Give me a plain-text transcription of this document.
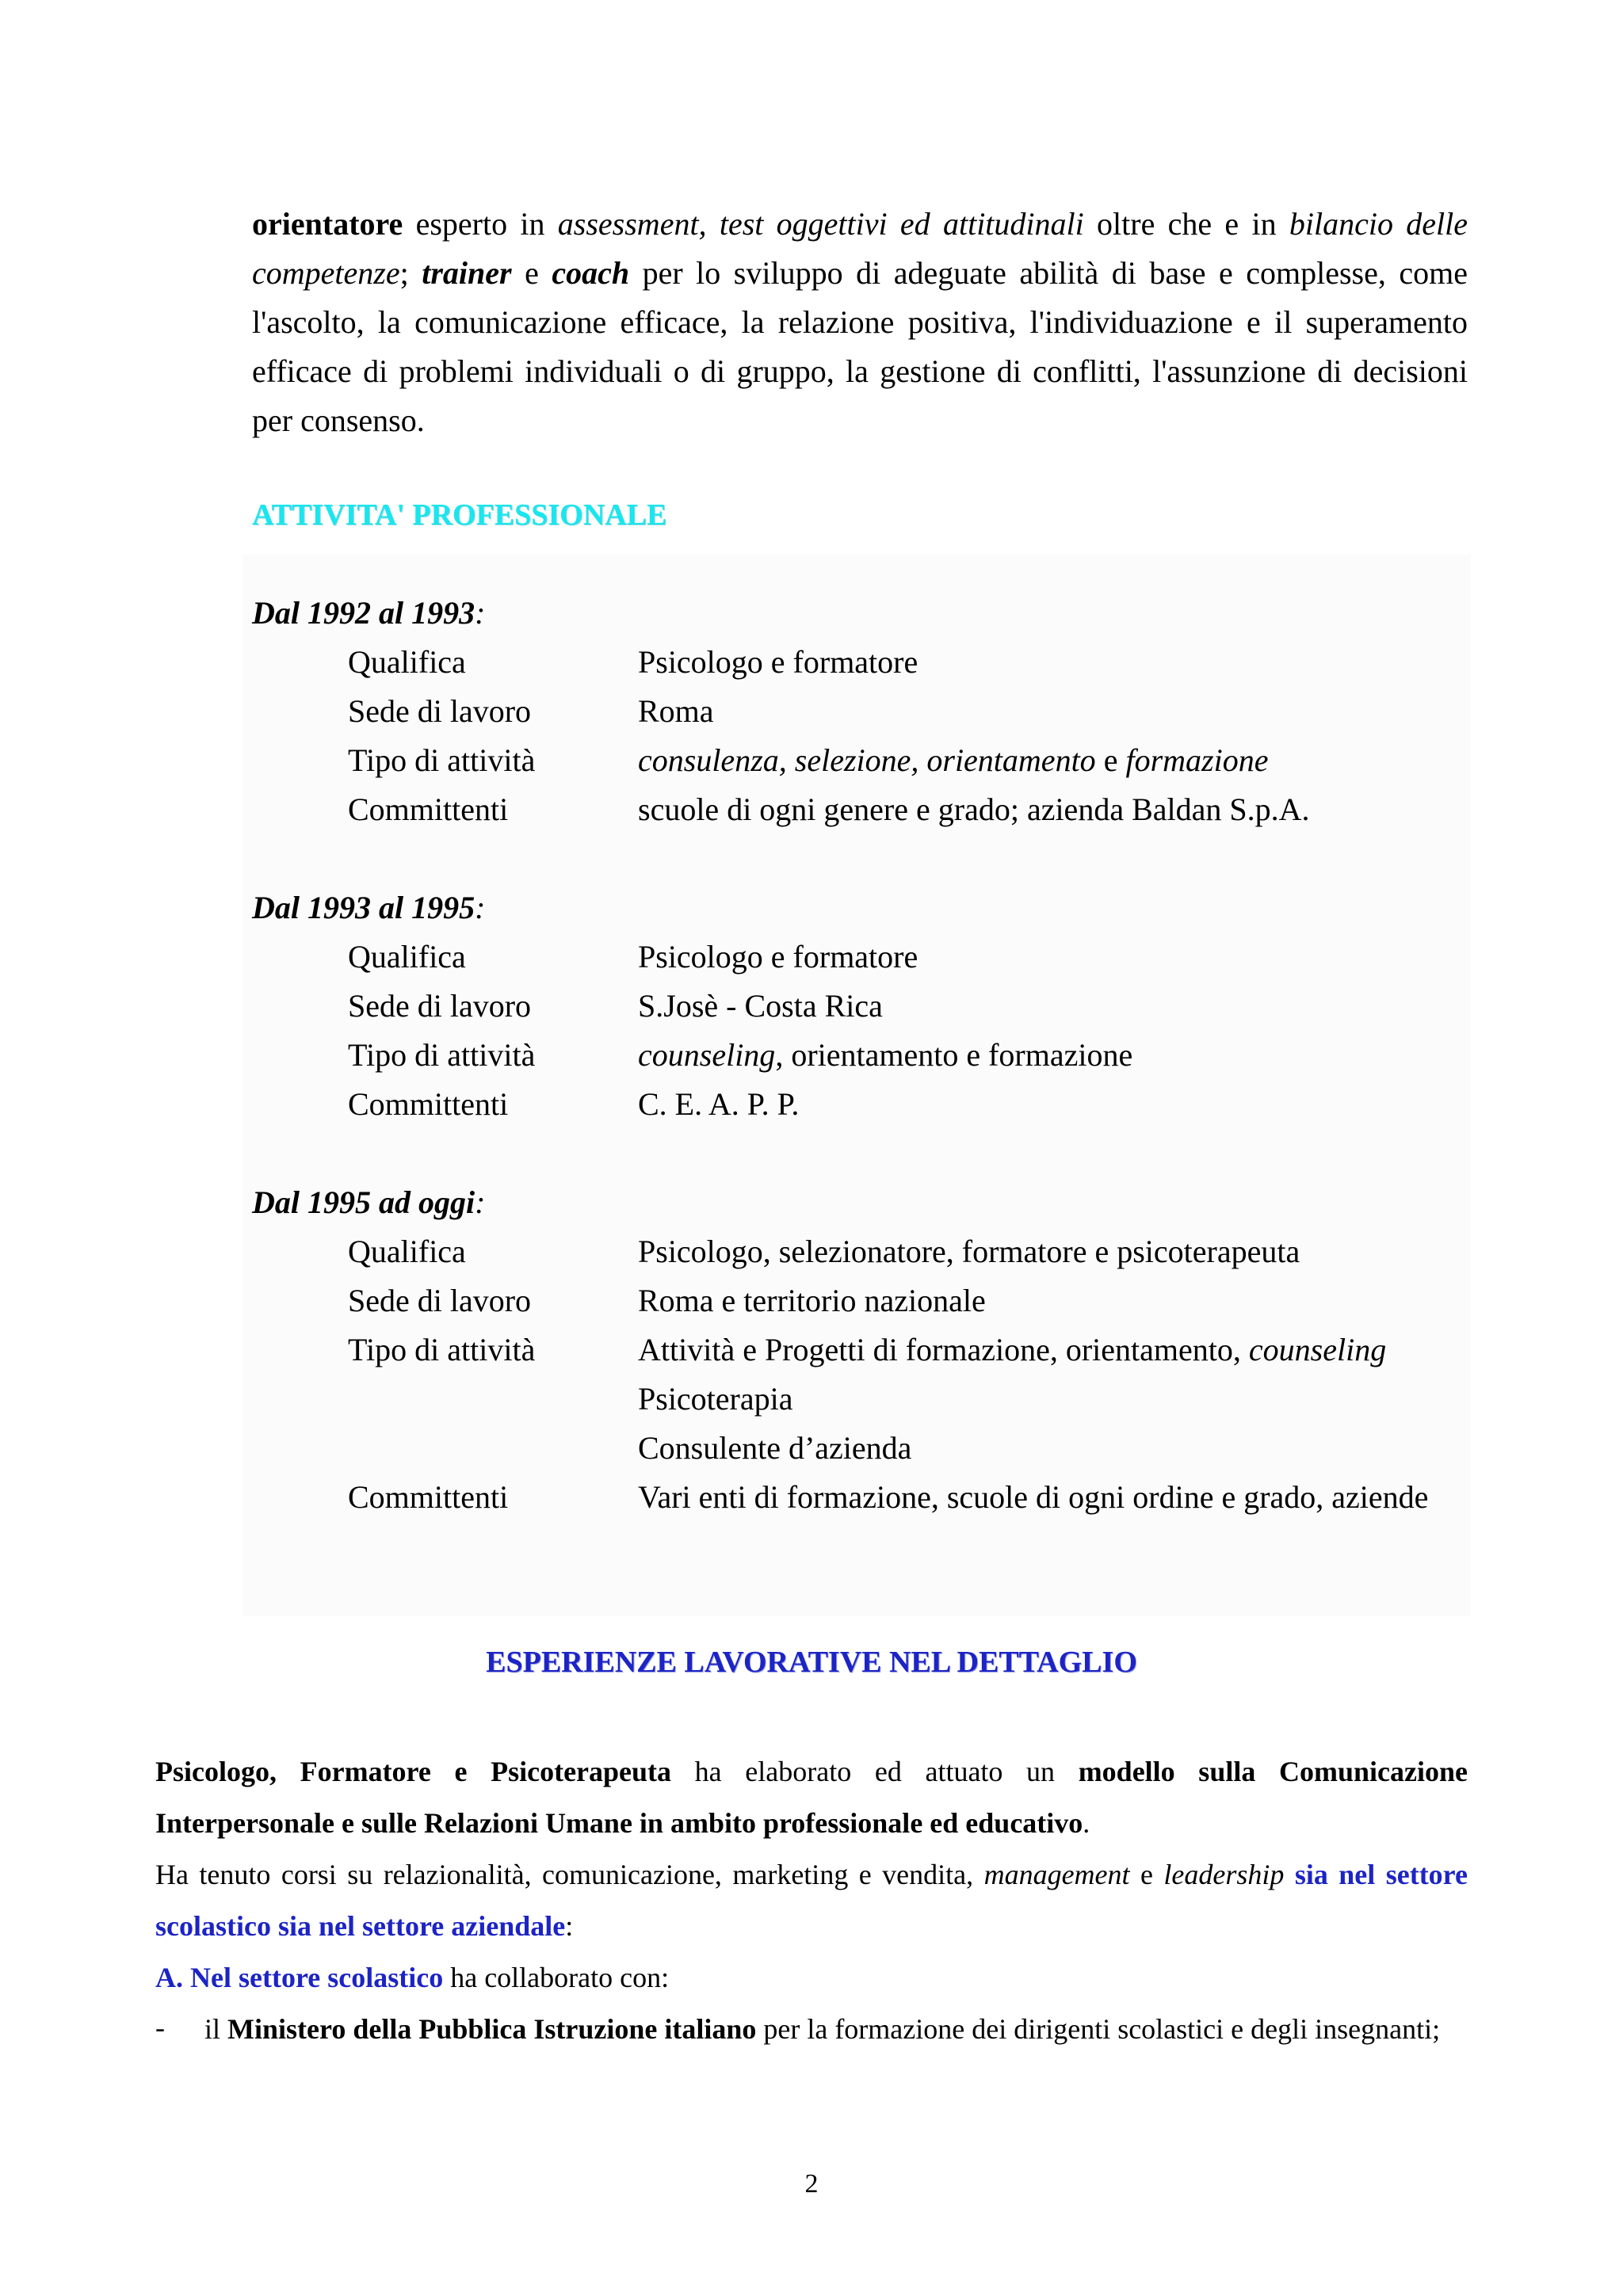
orientatore esperto in assessment, test oggettivi ed attitudinali oltre che e in bilancio delle competenze; trainer e coach per lo sviluppo di adeguate abilità di base e complesse, come l'ascolto, la comunicazione efficace, la relazione positiva, l'individuazione e il superamento efficace di problemi individuali o di gruppo, la gestione di conflitti, l'assunzione di decisioni per consenso.

ATTIVITA' PROFESSIONALE
Dal 1992 al 1993:
Qualifica	Psicologo e formatore
Sede di lavoro	Roma
Tipo di attività	consulenza, selezione, orientamento e formazione
Committenti	scuole di ogni genere e grado; azienda Baldan S.p.A.
Dal 1993 al 1995:
Qualifica	Psicologo e formatore
Sede di lavoro	S.Josè - Costa Rica
Tipo di attività	counseling, orientamento e formazione
Committenti	C. E. A. P. P.
Dal 1995 ad oggi:
Qualifica	Psicologo, selezionatore, formatore e psicoterapeuta
Sede di lavoro	Roma e territorio nazionale
Tipo di attività	Attività e Progetti di formazione, orientamento, counseling
Psicoterapia
Consulente d’azienda
Committenti	Vari enti di formazione, scuole di ogni ordine e grado, aziende
ESPERIENZE LAVORATIVE NEL DETTAGLIO

Psicologo, Formatore e Psicoterapeuta ha elaborato ed attuato un modello sulla Comunicazione Interpersonale e sulle Relazioni Umane in ambito professionale ed educativo.

Ha tenuto corsi su relazionalità, comunicazione, marketing e vendita, management e leadership sia nel settore scolastico sia nel settore aziendale:

A. Nel settore scolastico ha collaborato con:

- il Ministero della Pubblica Istruzione italiano per la formazione dei dirigenti scolastici e degli insegnanti;

2
